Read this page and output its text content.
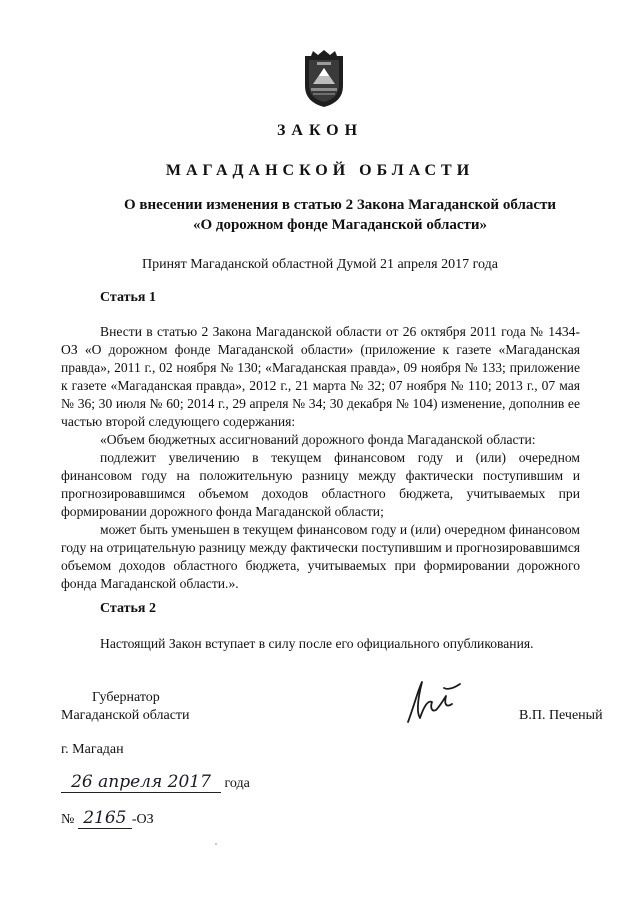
ЗАКОН
МАГАДАНСКОЙ ОБЛАСТИ
О внесении изменения в статью 2 Закона Магаданской области
«О дорожном фонде Магаданской области»
Принят Магаданской областной Думой 21 апреля 2017 года
Статья 1

Внести в статью 2 Закона Магаданской области от 26 октября 2011 года № 1434-ОЗ «О дорожном фонде Магаданской области» (приложение к газете «Магаданская правда», 2011 г., 02 ноября № 130; «Магаданская правда», 09 ноября № 133; приложение к газете «Магаданская правда», 2012 г., 21 марта № 32; 07 ноября № 110; 2013 г., 07 мая № 36; 30 июля № 60; 2014 г., 29 апреля № 34; 30 декабря № 104) изменение, дополнив ее частью второй следующего содержания:

«Объем бюджетных ассигнований дорожного фонда Магаданской области:

подлежит увеличению в текущем финансовом году и (или) очередном финансовом году на положительную разницу между фактически поступившим и прогнозировавшимся объемом доходов областного бюджета, учитываемых при формировании дорожного фонда Магаданской области;

может быть уменьшен в текущем финансовом году и (или) очередном финансовом году на отрицательную разницу между фактически поступившим и прогнозировавшимся объемом доходов областного бюджета, учитываемых при формировании дорожного фонда Магаданской области.».

Статья 2

Настоящий Закон вступает в силу после его официального опубликования.

Губернатор
Магаданской области	В.П. Печеный
г. Магадан
26 апреля 2017 года
№ 2165 -ОЗ
